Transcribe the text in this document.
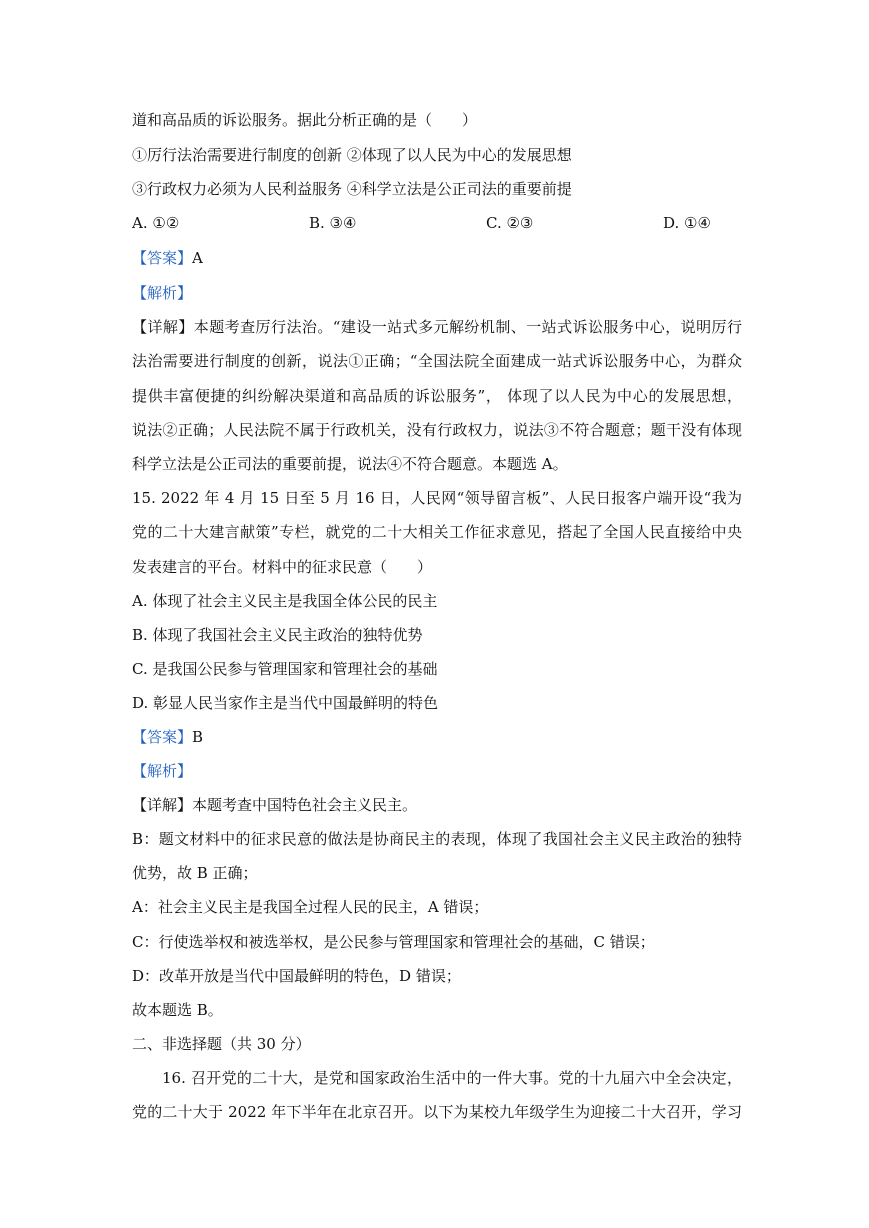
道和高品质的诉讼服务。据此分析正确的是（　　）
①厉行法治需要进行制度的创新 ②体现了以人民为中心的发展思想
③行政权力必须为人民利益服务 ④科学立法是公正司法的重要前提
A. ①②	B. ③④	C. ②③	D. ①④
【答案】A
【解析】
【详解】本题考查厉行法治。“建设一站式多元解纷机制、一站式诉讼服务中心，说明厉行
法治需要进行制度的创新，说法①正确；“全国法院全面建成一站式诉讼服务中心，为群众
提供丰富便捷的纠纷解决渠道和高品质的诉讼服务”， 体现了以人民为中心的发展思想，
说法②正确；人民法院不属于行政机关，没有行政权力，说法③不符合题意；题干没有体现
科学立法是公正司法的重要前提，说法④不符合题意。本题选 A。
15. 2022 年 4 月 15 日至 5 月 16 日，人民网“领导留言板”、人民日报客户端开设“我为
党的二十大建言献策”专栏，就党的二十大相关工作征求意见，搭起了全国人民直接给中央
发表建言的平台。材料中的征求民意（　　）
A. 体现了社会主义民主是我国全体公民的民主
B. 体现了我国社会主义民主政治的独特优势
C. 是我国公民参与管理国家和管理社会的基础
D. 彰显人民当家作主是当代中国最鲜明的特色
【答案】B
【解析】
【详解】本题考查中国特色社会主义民主。
B：题文材料中的征求民意的做法是协商民主的表现，体现了我国社会主义民主政治的独特
优势，故 B 正确；
A：社会主义民主是我国全过程人民的民主，A 错误；
C：行使选举权和被选举权，是公民参与管理国家和管理社会的基础，C 错误；
D：改革开放是当代中国最鲜明的特色，D 错误；
故本题选 B。
二、非选择题（共 30 分）
16. 召开党的二十大，是党和国家政治生活中的一件大事。党的十九届六中全会决定，
党的二十大于 2022 年下半年在北京召开。以下为某校九年级学生为迎接二十大召开，学习
